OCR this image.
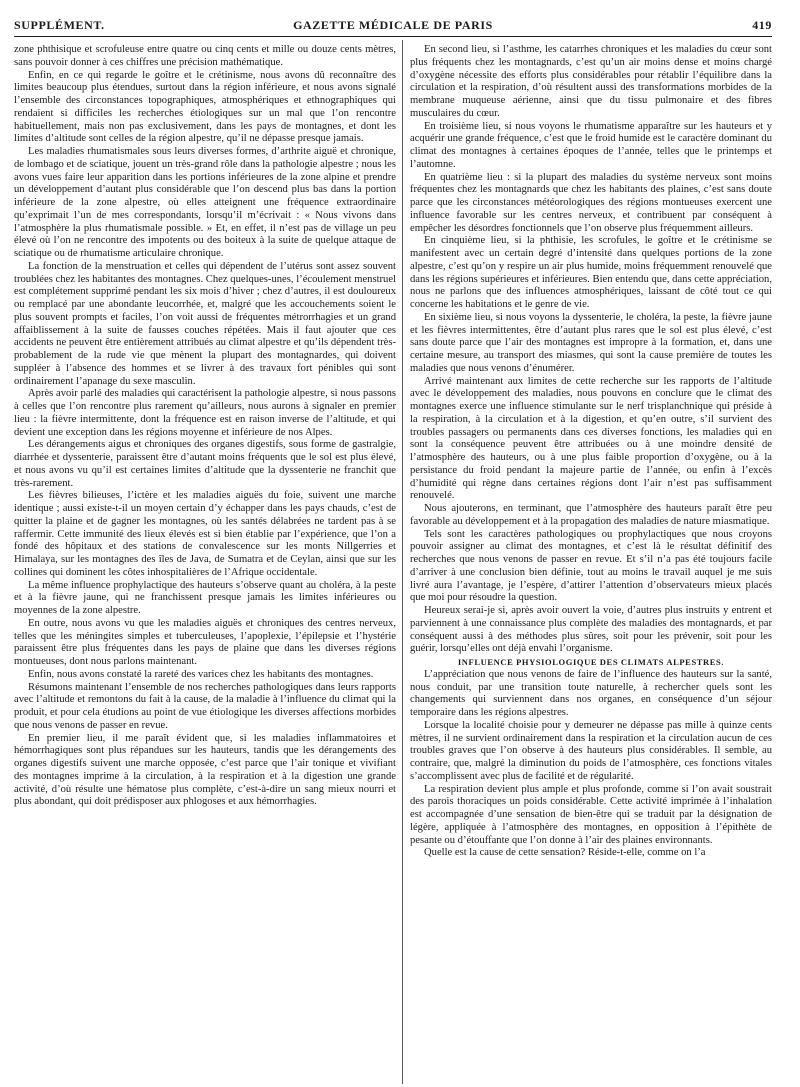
SUPPLÉMENT.	GAZETTE MÉDICALE DE PARIS	419

zone phthisique et scrofuleuse entre quatre ou cinq cents et mille ou douze cents mètres, sans pouvoir donner à ces chiffres une précision mathématique.

Enfin, en ce qui regarde le goître et le crétinisme, nous avons dû reconnaître des limites beaucoup plus étendues, surtout dans la région inférieure, et nous avons signalé l’ensemble des circonstances topographiques, atmosphériques et ethnographiques qui rendaient si difficiles les recherches étiologiques sur un mal que l’on rencontre habituellement, mais non pas exclusivement, dans les pays de montagnes, et dont les limites d’altitude sont celles de la région alpestre, qu’il ne dépasse presque jamais.

Les maladies rhumatismales sous leurs diverses formes, d’arthrite aiguë et chronique, de lombago et de sciatique, jouent un très-grand rôle dans la pathologie alpestre ; nous les avons vues faire leur apparition dans les portions inférieures de la zone alpine et prendre un développement d’autant plus considérable que l’on descend plus bas dans la portion inférieure de la zone alpestre, où elles atteignent une fréquence extraordinaire qu’exprimait l’un de mes correspondants, lorsqu’il m’écrivait : « Nous vivons dans l’atmosphère la plus rhumatismale possible. » Et, en effet, il n’est pas de village un peu élevé où l’on ne rencontre des impotents ou des boiteux à la suite de quelque attaque de sciatique ou de rhumatisme articulaire chronique.

La fonction de la menstruation et celles qui dépendent de l’utérus sont assez souvent troublées chez les habitantes des montagnes. Chez quelques-unes, l’écoulement menstruel est complétement supprimé pendant les six mois d’hiver ; chez d’autres, il est douloureux ou remplacé par une abondante leucorrhée, et, malgré que les accouchements soient le plus souvent prompts et faciles, l’on voit aussi de fréquentes métrorrhagies et un grand affaiblissement à la suite de fausses couches répétées. Mais il faut ajouter que ces accidents ne peuvent être entièrement attribués au climat alpestre et qu’ils dépendent très-probablement de la rude vie que mènent la plupart des montagnardes, qui doivent suppléer à l’absence des hommes et se livrer à des travaux fort pénibles qui sont ordinairement l’apanage du sexe masculin.

Après avoir parlé des maladies qui caractérisent la pathologie alpestre, si nous passons à celles que l’on rencontre plus rarement qu’ailleurs, nous aurons à signaler en premier lieu : la fièvre intermittente, dont la fréquence est en raison inverse de l’altitude, et qui devient une exception dans les régions moyenne et inférieure de nos Alpes.

Les dérangements aigus et chroniques des organes digestifs, sous forme de gastralgie, diarrhée et dyssenterie, paraissent être d’autant moins fréquents que le sol est plus élevé, et nous avons vu qu’il est certaines limites d’altitude que la dyssenterie ne franchit que très-rarement.

Les fièvres bilieuses, l’ictère et les maladies aiguës du foie, suivent une marche identique ; aussi existe-t-il un moyen certain d’y échapper dans les pays chauds, c’est de quitter la plaine et de gagner les montagnes, où les santés délabrées ne tardent pas à se raffermir. Cette immunité des lieux élevés est si bien établie par l’expérience, que l’on a fondé des hôpitaux et des stations de convalescence sur les monts Nillgerries et Himalaya, sur les montagnes des îles de Java, de Sumatra et de Ceylan, ainsi que sur les collines qui dominent les côtes inhospitalières de l’Afrique occidentale.

La même influence prophylactique des hauteurs s’observe quant au choléra, à la peste et à la fièvre jaune, qui ne franchissent presque jamais les limites inférieures ou moyennes de la zone alpestre.

En outre, nous avons vu que les maladies aiguës et chroniques des centres nerveux, telles que les méningites simples et tuberculeuses, l’apoplexie, l’épilepsie et l’hystérie paraissent être plus fréquentes dans les pays de plaine que dans les diverses régions montueuses, dont nous parlons maintenant.

Enfin, nous avons constaté la rareté des varices chez les habitants des montagnes.

Résumons maintenant l’ensemble de nos recherches pathologiques dans leurs rapports avec l’altitude et remontons du fait à la cause, de la maladie à l’influence du climat qui la produit, et pour cela étudions au point de vue étiologique les diverses affections morbides que nous venons de passer en revue.

En premier lieu, il me paraît évident que, si les maladies inflammatoires et hémorrhagiques sont plus répandues sur les hauteurs, tandis que les dérangements des organes digestifs suivent une marche opposée, c’est parce que l’air tonique et vivifiant des montagnes imprime à la circulation, à la respiration et à la digestion une grande activité, d’où résulte une hématose plus complète, c’est-à-dire un sang mieux nourri et plus abondant, qui doit prédisposer aux phlogoses et aux hémorrhagies.

En second lieu, si l’asthme, les catarrhes chroniques et les maladies du cœur sont plus fréquents chez les montagnards, c’est qu’un air moins dense et moins chargé d’oxygène nécessite des efforts plus considérables pour rétablir l’équilibre dans la circulation et la respiration, d’où résultent aussi des transformations morbides de la membrane muqueuse aérienne, ainsi que du tissu pulmonaire et des fibres musculaires du cœur.

En troisième lieu, si nous voyons le rhumatisme apparaître sur les hauteurs et y acquérir une grande fréquence, c’est que le froid humide est le caractère dominant du climat des montagnes à certaines époques de l’année, telles que le printemps et l’automne.

En quatrième lieu : si la plupart des maladies du système nerveux sont moins fréquentes chez les montagnards que chez les habitants des plaines, c’est sans doute parce que les circonstances météorologiques des régions montueuses exercent une influence favorable sur les centres nerveux, et contribuent par conséquent à empêcher les désordres fonctionnels que l’on observe plus fréquemment ailleurs.

En cinquième lieu, si la phthisie, les scrofules, le goître et le crétinisme se manifestent avec un certain degré d’intensité dans quelques portions de la zone alpestre, c’est qu’on y respire un air plus humide, moins fréquemment renouvelé que dans les régions supérieures et inférieures. Bien entendu que, dans cette appréciation, nous ne parlons que des influences atmosphériques, laissant de côté tout ce qui concerne les habitations et le genre de vie.

En sixième lieu, si nous voyons la dyssenterie, le choléra, la peste, la fièvre jaune et les fièvres intermittentes, être d’autant plus rares que le sol est plus élevé, c’est sans doute parce que l’air des montagnes est impropre à la formation, et, dans une certaine mesure, au transport des miasmes, qui sont la cause première de toutes les maladies que nous venons d’énumérer.

Arrivé maintenant aux limites de cette recherche sur les rapports de l’altitude avec le développement des maladies, nous pouvons en conclure que le climat des montagnes exerce une influence stimulante sur le nerf trisplanchnique qui préside à la respiration, à la circulation et à la digestion, et qu’en outre, s’il survient des troubles passagers ou permanents dans ces diverses fonctions, les maladies qui en sont la conséquence peuvent être attribuées ou à une moindre densité de l’atmosphère des hauteurs, ou à une plus faible proportion d’oxygène, ou à la persistance du froid pendant la majeure partie de l’année, ou enfin à l’excès d’humidité qui règne dans certaines régions dont l’air n’est pas suffisamment renouvelé.

Nous ajouterons, en terminant, que l’atmosphère des hauteurs paraît être peu favorable au développement et à la propagation des maladies de nature miasmatique.

Tels sont les caractères pathologiques ou prophylactiques que nous croyons pouvoir assigner au climat des montagnes, et c’est là le résultat définitif des recherches que nous venons de passer en revue. Et s’il n’a pas été toujours facile d’arriver à une conclusion bien définie, tout au moins le travail auquel je me suis livré aura l’avantage, je l’espère, d’attirer l’attention d’observateurs mieux placés que moi pour résoudre la question.

Heureux serai-je si, après avoir ouvert la voie, d’autres plus instruits y entrent et parviennent à une connaissance plus complète des maladies des montagnards, et par conséquent aussi à des méthodes plus sûres, soit pour les prévenir, soit pour les guérir, lorsqu’elles ont déjà envahi l’organisme.

INFLUENCE PHYSIOLOGIQUE DES CLIMATS ALPESTRES.

L’appréciation que nous venons de faire de l’influence des hauteurs sur la santé, nous conduit, par une transition toute naturelle, à rechercher quels sont les changements qui surviennent dans nos organes, en conséquence d’un séjour temporaire dans les régions alpestres.

Lorsque la localité choisie pour y demeurer ne dépasse pas mille à quinze cents mètres, il ne survient ordinairement dans la respiration et la circulation aucun de ces troubles graves que l’on observe à des hauteurs plus considérables. Il semble, au contraire, que, malgré la diminution du poids de l’atmosphère, ces fonctions vitales s’accomplissent avec plus de facilité et de régularité.

La respiration devient plus ample et plus profonde, comme si l’on avait soustrait des parois thoraciques un poids considérable. Cette activité imprimée à l’inhalation est accompagnée d’une sensation de bien-être qui se traduit par la désignation de légère, appliquée à l’atmosphère des montagnes, en opposition à l’épithète de pesante ou d’étouffante que l’on donne à l’air des plaines environnants.

Quelle est la cause de cette sensation? Réside-t-elle, comme on l’a
